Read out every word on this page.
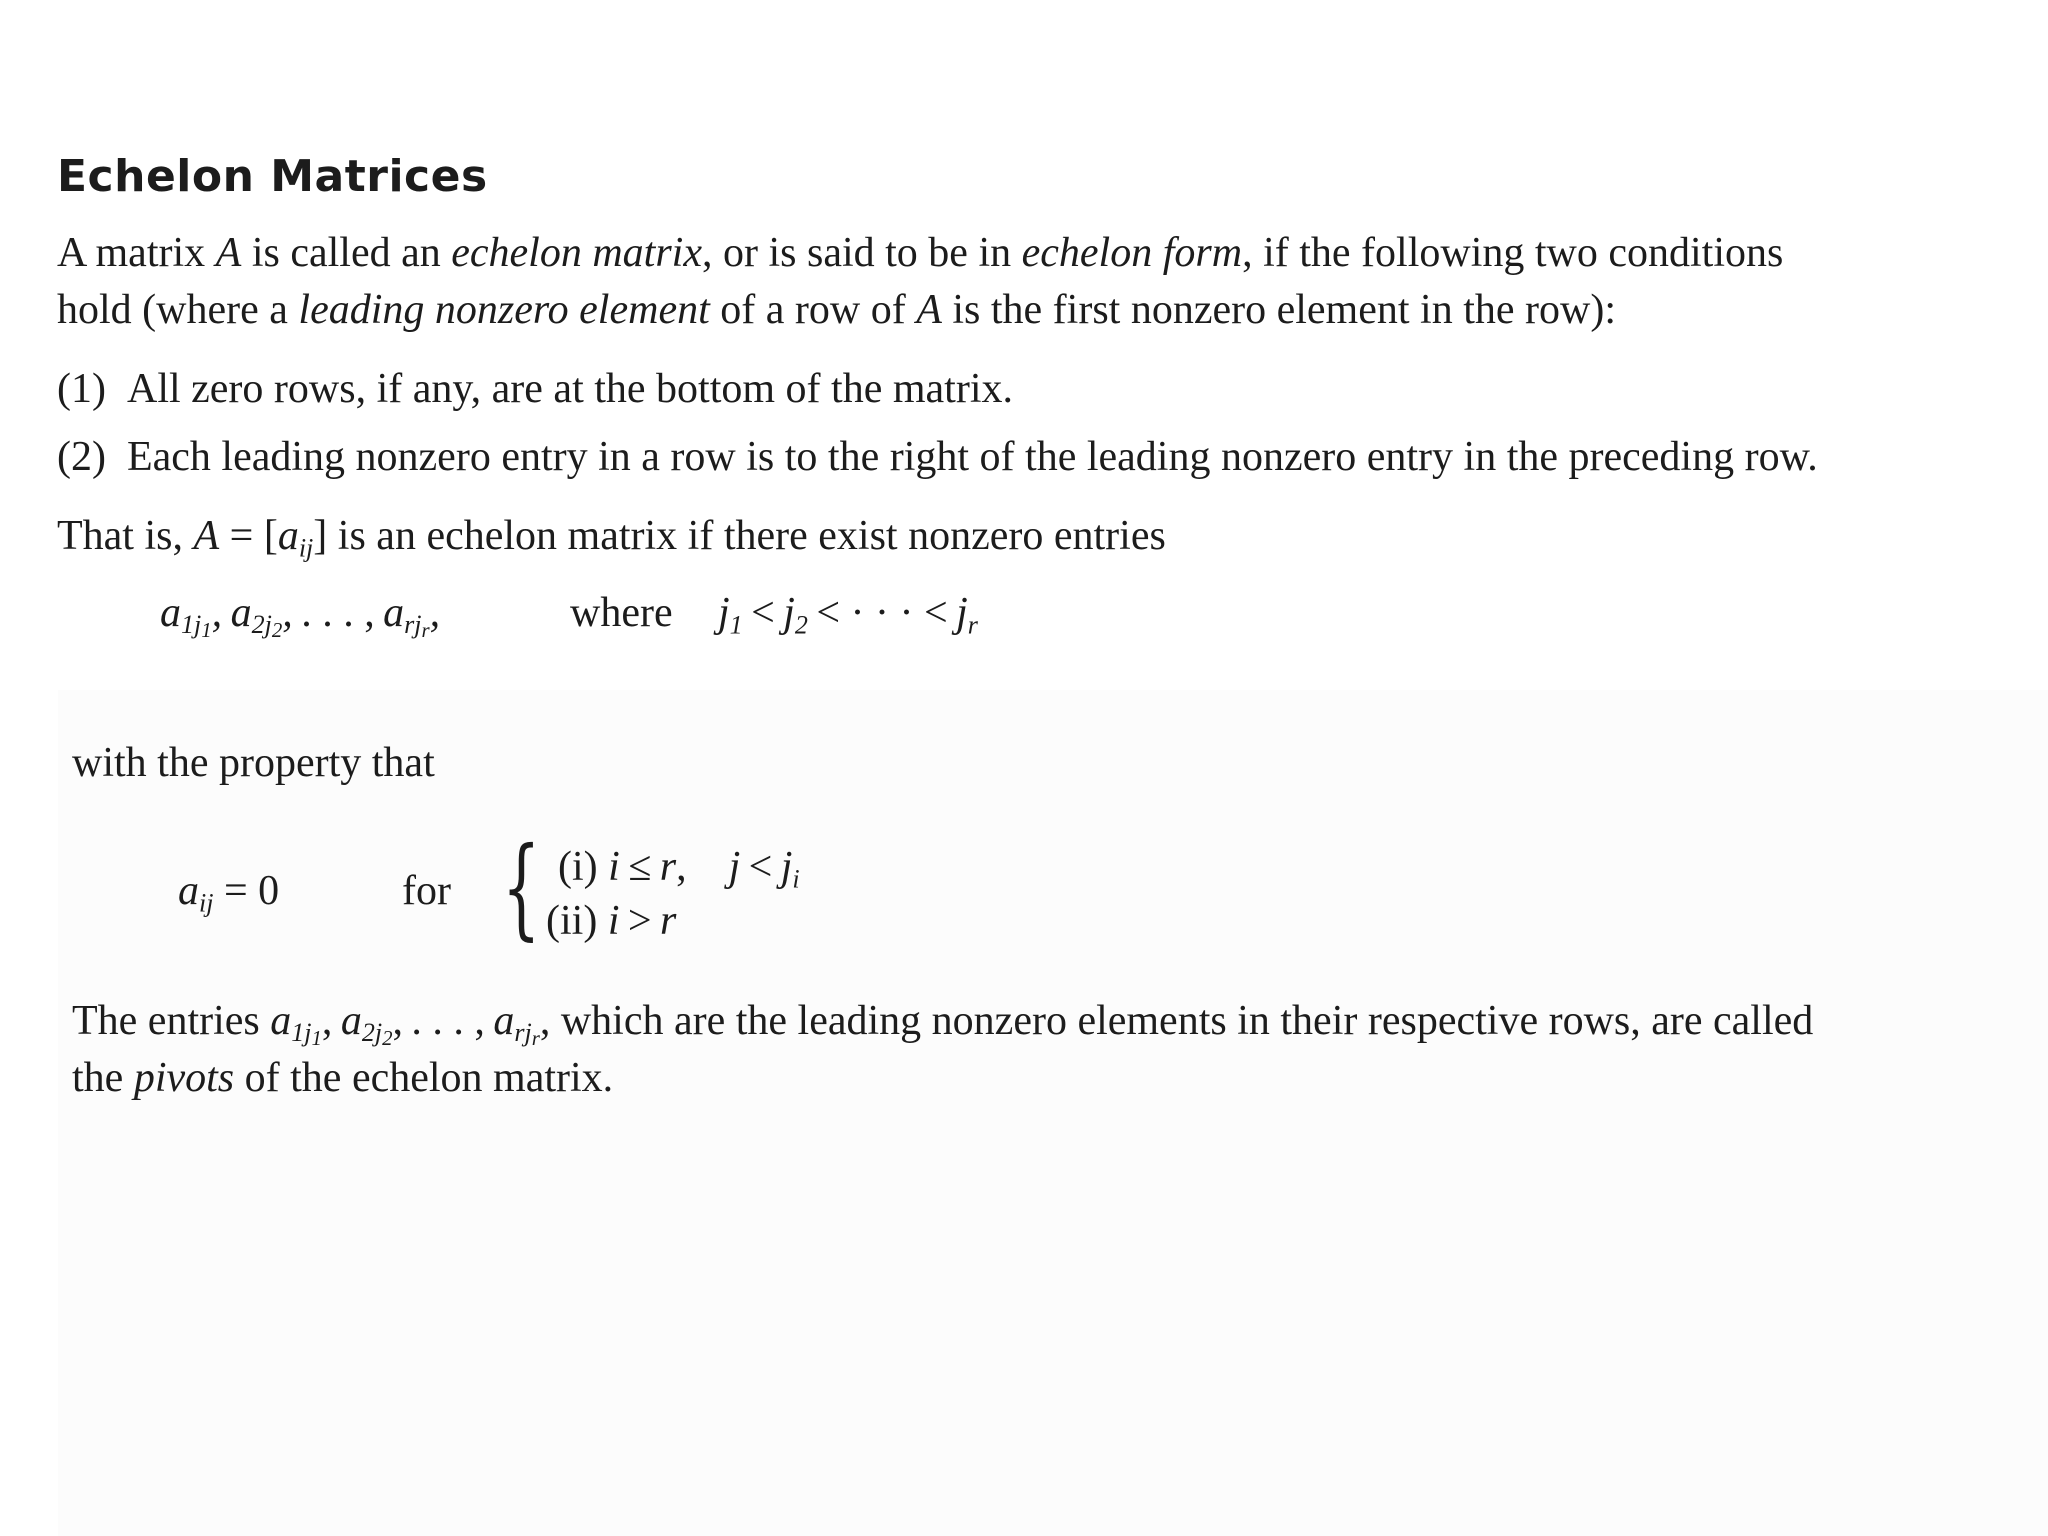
Echelon Matrices
A matrix A is called an echelon matrix, or is said to be in echelon form, if the following two conditions
hold (where a leading nonzero element of a row of A is the first nonzero element in the row):
(1) All zero rows, if any, are at the bottom of the matrix.
(2) Each leading nonzero entry in a row is to the right of the leading nonzero entry in the preceding row.
That is, $A = [a_{ij}]$ is an echelon matrix if there exist nonzero entries
$a_{1j_1}$, $a_{2j_2}$, . . . , $a_{rj_r}$,	where $j_1 < j_2$  < · · · < $j_r$
with the property that
$a_{ij} = 0$	for { (i) i ≤ r,    $j < j_i$
(ii) i > r
The entries $a_{1j_1}$, $a_{2j_2}$, . . . , $a_{rj_r}$, which are the leading nonzero elements in their respective rows, are called
the pivots of the echelon matrix.
